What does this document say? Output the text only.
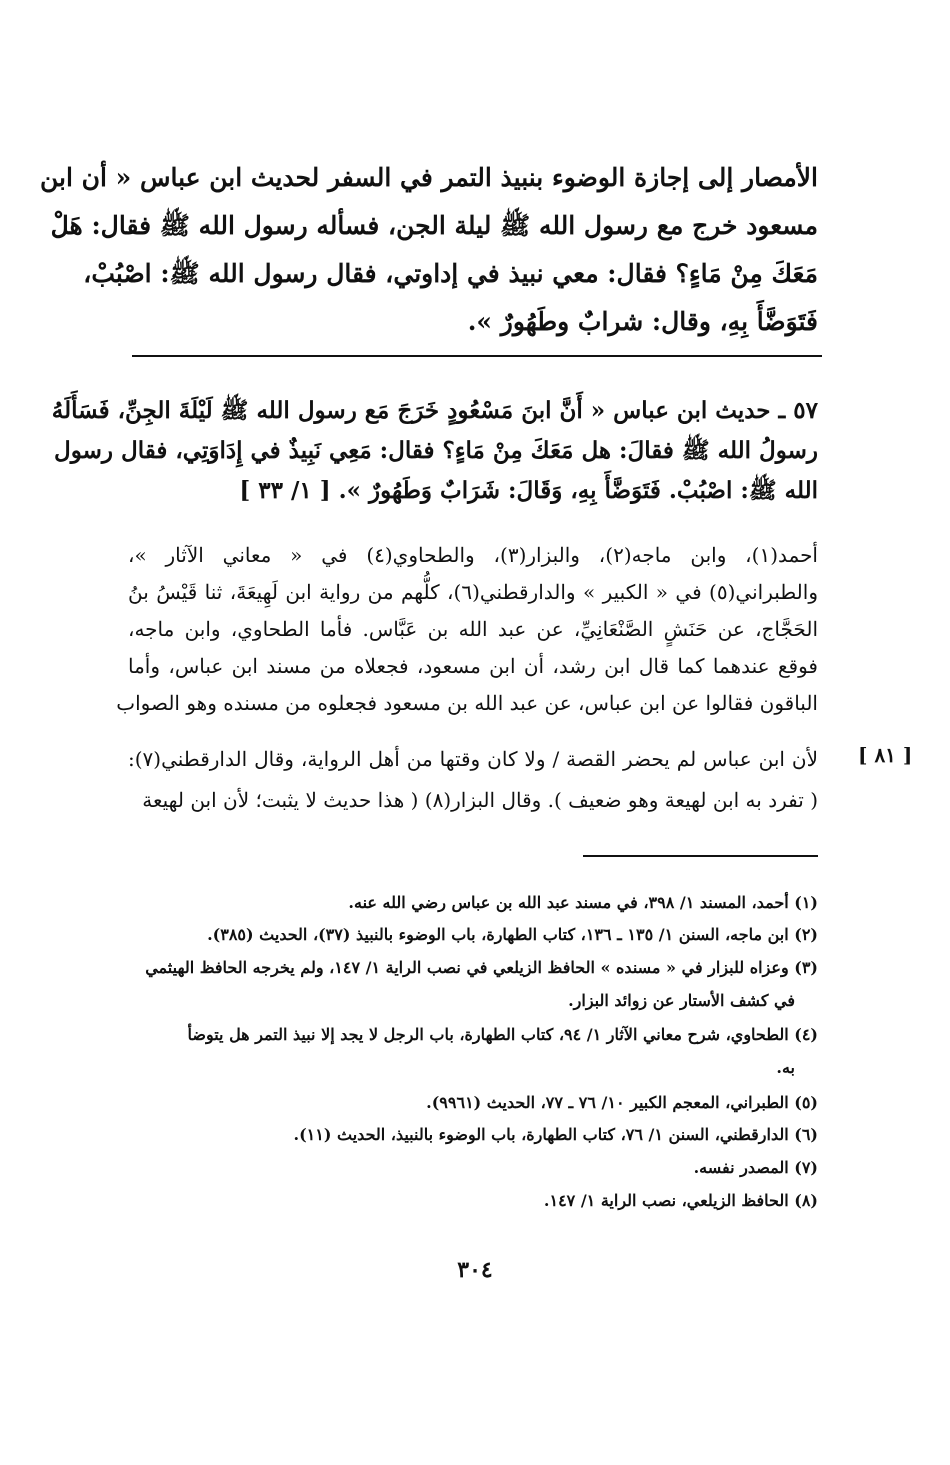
الأمصار إلى إجازة الوضوء بنبيذ التمر في السفر لحديث ابن عباس « أن ابن
مسعود خرج مع رسول الله ﷺ ليلة الجن، فسأله رسول الله ﷺ فقال: هَلْ
مَعَكَ مِنْ مَاءٍ؟ فقال: معي نبيذ في إداوتي، فقال رسول الله ﷺ: اصْبُبْ،
فَتَوَضَّأَ بِهِ، وقال: شرابٌ وطَهُورٌ ».
٥٧ ـ حديث ابن عباس « أَنَّ ابنَ مَسْعُودٍ خَرَجَ مَع رسول الله ﷺ لَيْلَةَ الجِنِّ، فَسَأَلَهُ
رسولُ الله ﷺ فقالَ: هل مَعَكَ مِنْ مَاءٍ؟ فقال: مَعِي نَبِيذٌ في إِدَاوَتِي، فقال رسول
الله ﷺ: اصْبُبْ. فَتَوَضَّأَ بِهِ، وَقَالَ: شَرَابٌ وَطَهُورٌ ». [ ١/ ٣٣ ]
أحمد(١)، وابن ماجه(٢)، والبزار(٣)، والطحاوي(٤) في « معاني الآثار »،
والطبراني(٥) في « الكبير » والدارقطني(٦)، كلُّهم من رواية ابن لَهِيعَةَ، ثنا قَيْسُ بنُ
الحَجَّاج، عن حَنَشٍ الصَّنْعَانِيِّ، عن عبد الله بن عَبَّاس. فأما الطحاوي، وابن ماجه،
فوقع عندهما كما قال ابن رشد، أن ابن مسعود، فجعلاه من مسند ابن عباس، وأما
الباقون فقالوا عن ابن عباس، عن عبد الله بن مسعود فجعلوه من مسنده وهو الصواب
لأن ابن عباس لم يحضر القصة / ولا كان وقتها من أهل الرواية، وقال الدارقطني(٧):
( تفرد به ابن لهيعة وهو ضعيف ). وقال البزار(٨) ( هذا حديث لا يثبت؛ لأن ابن لهيعة
[ ٨١ ]
(١) أحمد، المسند ١/ ٣٩٨، في مسند عبد الله بن عباس رضي الله عنه.
(٢) ابن ماجه، السنن ١/ ١٣٥ ـ ١٣٦، كتاب الطهارة، باب الوضوء بالنبيذ (٣٧)، الحديث (٣٨٥).
(٣) وعزاه للبزار في « مسنده » الحافظ الزيلعي في نصب الراية ١/ ١٤٧، ولم يخرجه الحافظ الهيثمي
في كشف الأستار عن زوائد البزار.
(٤) الطحاوي، شرح معاني الآثار ١/ ٩٤، كتاب الطهارة، باب الرجل لا يجد إلا نبيذ التمر هل يتوضأ
به.
(٥) الطبراني، المعجم الكبير ١٠/ ٧٦ ـ ٧٧، الحديث (٩٩٦١).
(٦) الدارقطني، السنن ١/ ٧٦، كتاب الطهارة، باب الوضوء بالنبيذ، الحديث (١١).
(٧) المصدر نفسه.
(٨) الحافظ الزيلعي، نصب الراية ١/ ١٤٧.
٣٠٤
